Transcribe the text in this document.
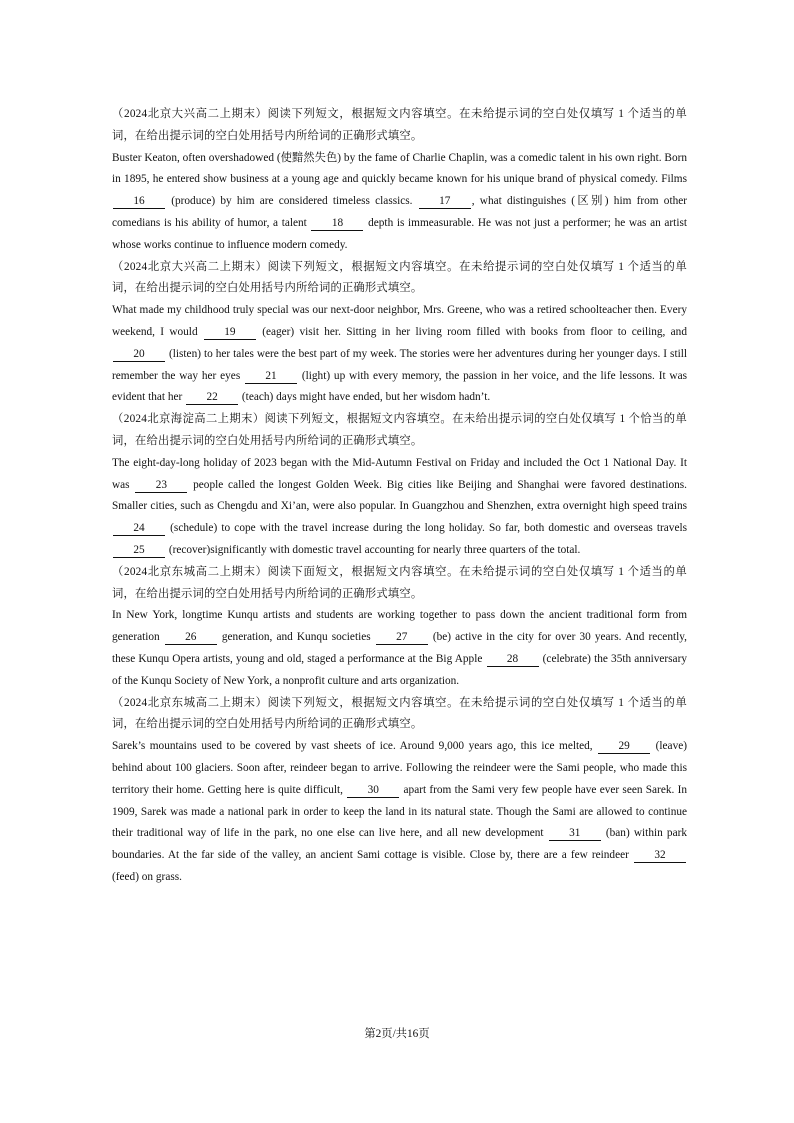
（2024北京大兴高二上期末）阅读下列短文，根据短文内容填空。在未给提示词的空白处仅填写 1 个适当的单词，在给出提示词的空白处用括号内所给词的正确形式填空。

Buster Keaton, often overshadowed (使黯然失色) by the fame of Charlie Chaplin, was a comedic talent in his own right. Born in 1895, he entered show business at a young age and quickly became known for his unique brand of physical comedy. Films 16 (produce) by him are considered timeless classics. 17 , what distinguishes (区别) him from other comedians is his ability of humor, a talent 18 depth is immeasurable. He was not just a performer; he was an artist whose works continue to influence modern comedy.

（2024北京大兴高二上期末）阅读下列短文，根据短文内容填空。在未给提示词的空白处仅填写 1 个适当的单词，在给出提示词的空白处用括号内所给词的正确形式填空。

What made my childhood truly special was our next-door neighbor, Mrs. Greene, who was a retired schoolteacher then. Every weekend, I would 19 (eager) visit her. Sitting in her living room filled with books from floor to ceiling, and 20 (listen) to her tales were the best part of my week. The stories were her adventures during her younger days. I still remember the way her eyes 21 (light) up with every memory, the passion in her voice, and the life lessons. It was evident that her 22 (teach) days might have ended, but her wisdom hadn’t.

（2024北京海淀高二上期末）阅读下列短文，根据短文内容填空。在未给出提示词的空白处仅填写 1 个恰当的单词，在给出提示词的空白处用括号内所给词的正确形式填空。

The eight-day-long holiday of 2023 began with the Mid-Autumn Festival on Friday and included the Oct 1 National Day. It was 23 people called the longest Golden Week. Big cities like Beijing and Shanghai were favored destinations. Smaller cities, such as Chengdu and Xi’an, were also popular. In Guangzhou and Shenzhen, extra overnight high speed trains 24 (schedule) to cope with the travel increase during the long holiday. So far, both domestic and overseas travels 25 (recover)significantly with domestic travel accounting for nearly three quarters of the total.

（2024北京东城高二上期末）阅读下面短文，根据短文内容填空。在未给提示词的空白处仅填写 1 个适当的单词，在给出提示词的空白处用括号内所给词的正确形式填空。

In New York, longtime Kunqu artists and students are working together to pass down the ancient traditional form from generation 26 generation, and Kunqu societies 27 (be) active in the city for over 30 years. And recently, these Kunqu Opera artists, young and old, staged a performance at the Big Apple 28 (celebrate) the 35th anniversary of the Kunqu Society of New York, a nonprofit culture and arts organization.

（2024北京东城高二上期末）阅读下列短文，根据短文内容填空。在未给提示词的空白处仅填写 1 个适当的单词，在给出提示词的空白处用括号内所给词的正确形式填空。

Sarek’s mountains used to be covered by vast sheets of ice. Around 9,000 years ago, this ice melted, 29 (leave) behind about 100 glaciers. Soon after, reindeer began to arrive. Following the reindeer were the Sami people, who made this territory their home. Getting here is quite difficult, 30 apart from the Sami very few people have ever seen Sarek. In 1909, Sarek was made a national park in order to keep the land in its natural state. Though the Sami are allowed to continue their traditional way of life in the park, no one else can live here, and all new development 31 (ban) within park boundaries. At the far side of the valley, an ancient Sami cottage is visible. Close by, there are a few reindeer 32 (feed) on grass.

第2页/共16页
